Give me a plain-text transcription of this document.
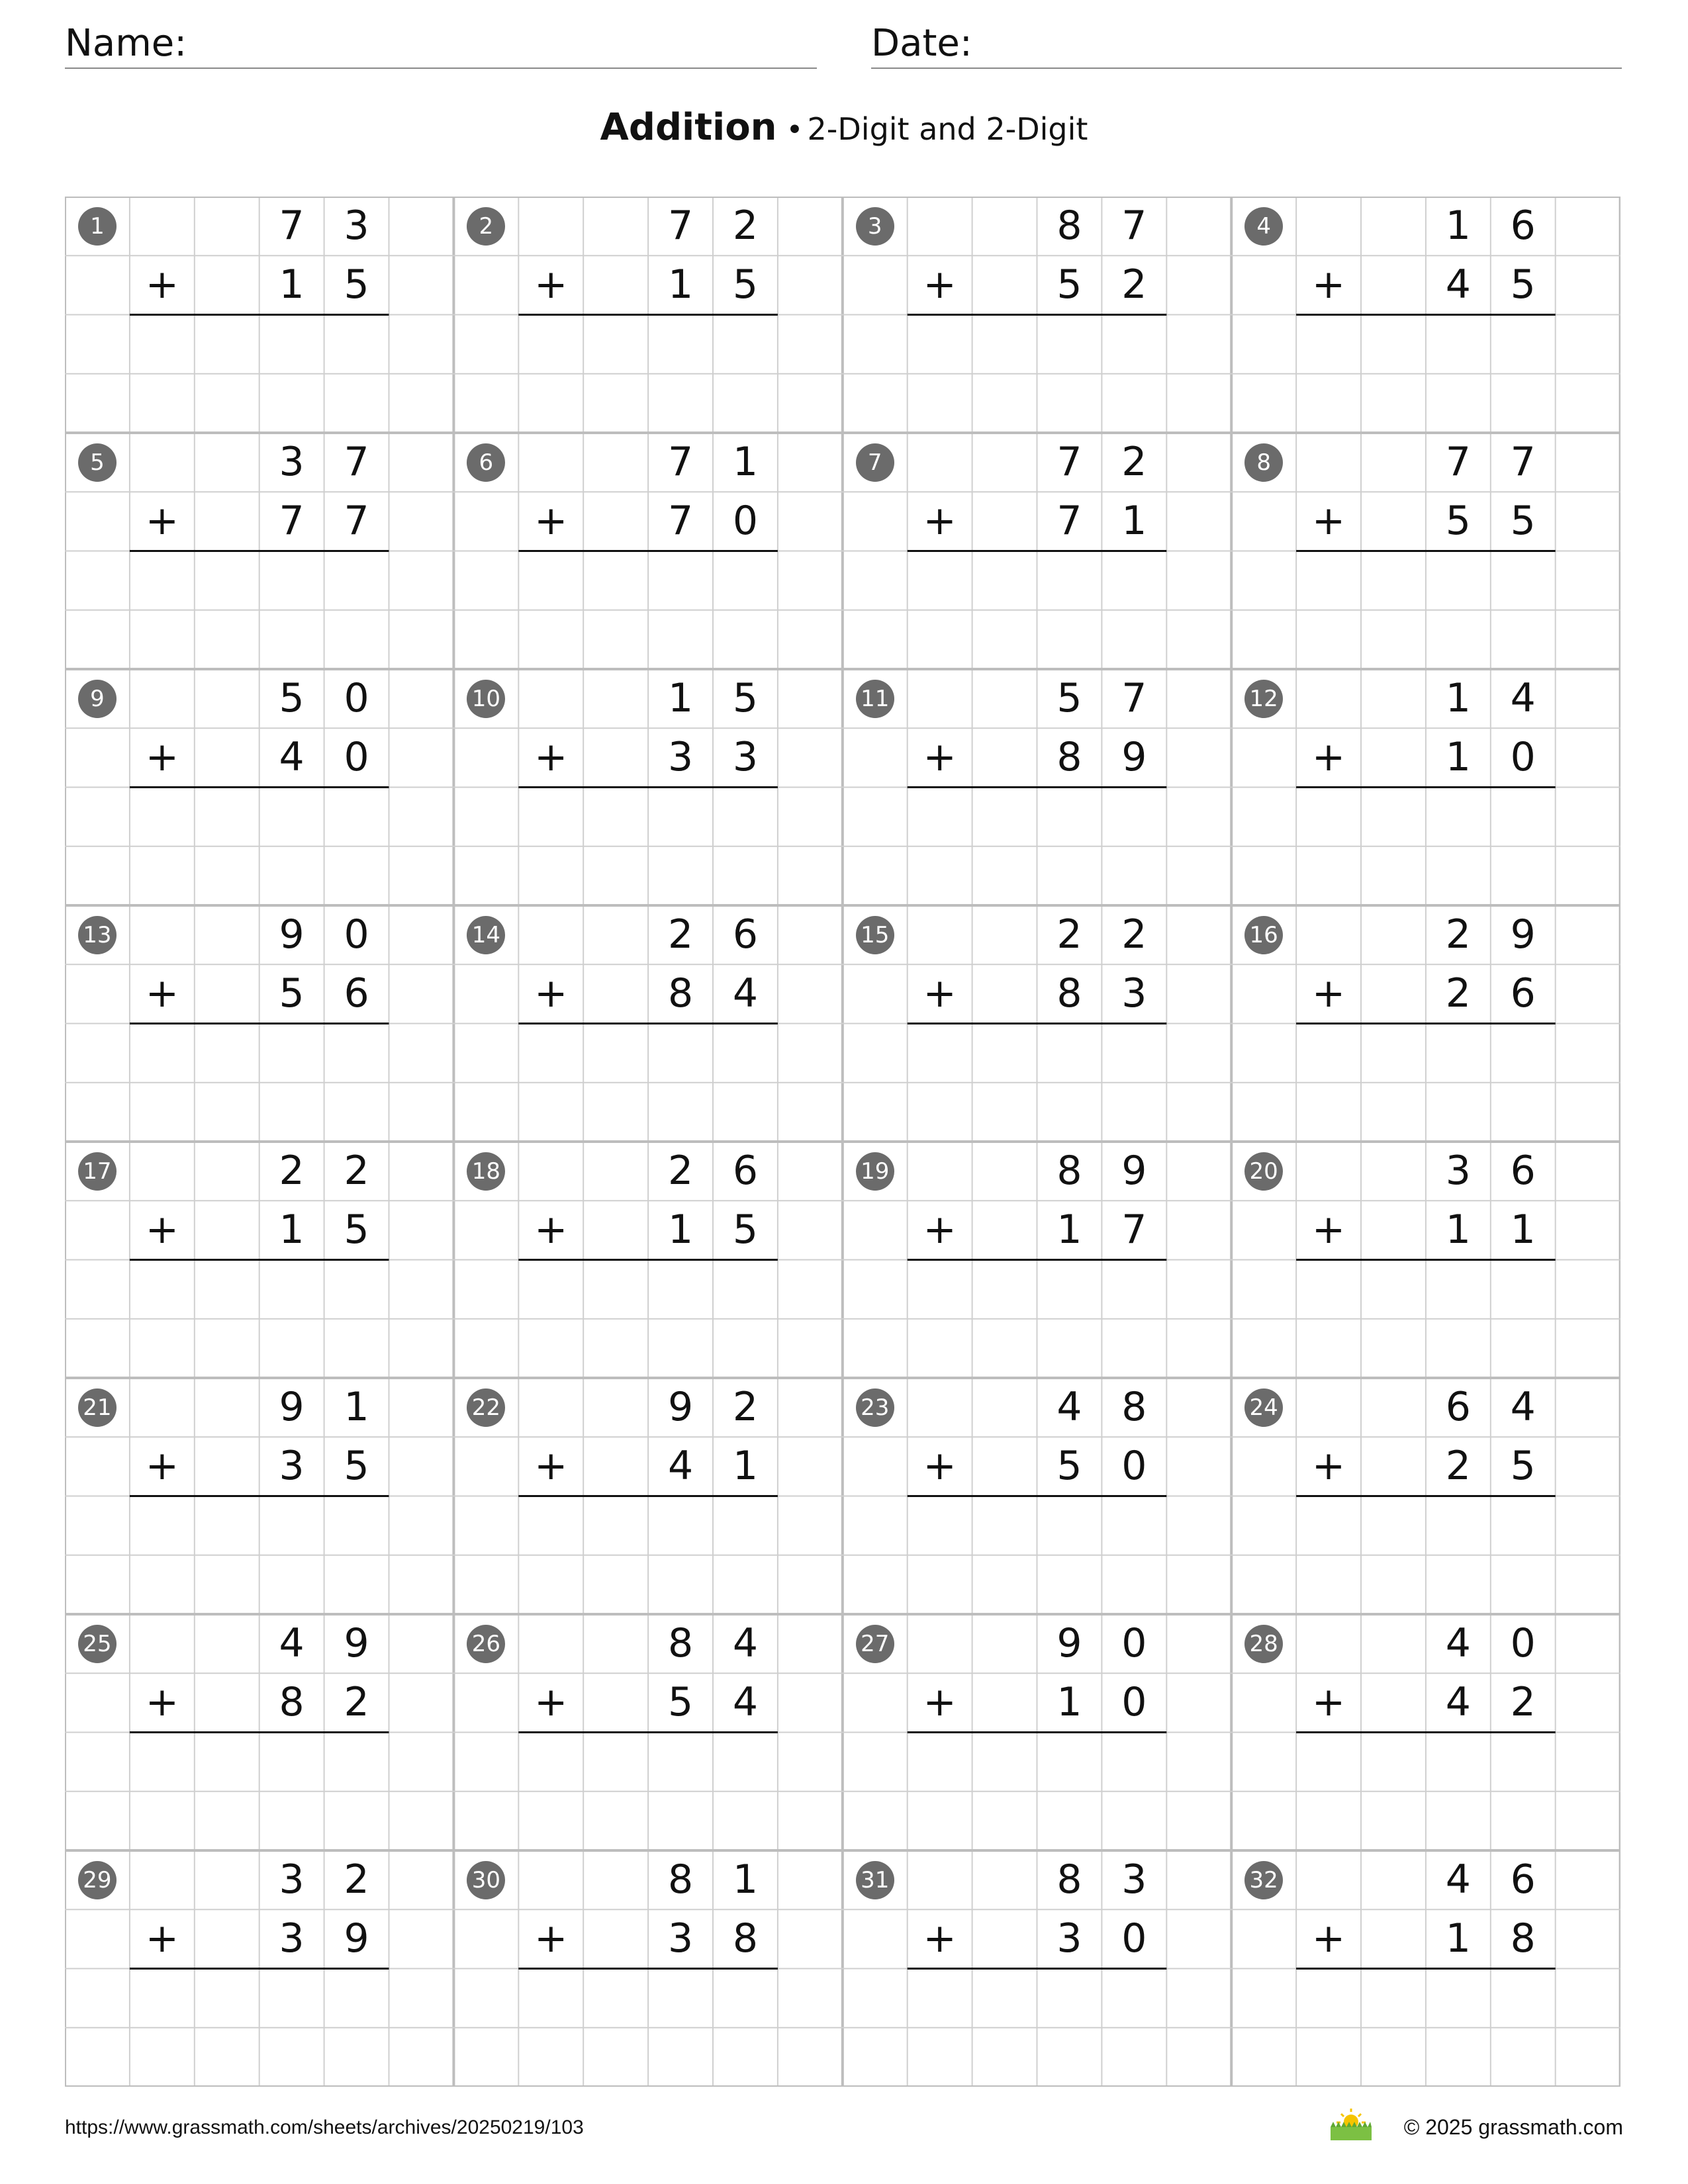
Name:	Date:
Addition • 2-Digit and 2-Digit
1	7 3
+	1 5
2	7 2
+	1 5
3	8 7
+	5 2
4	1 6
+	4 5
5	3 7
+	7 7
6	7 1
+	7 0
7	7 2
+	7 1
8	7 7
+	5 5
9	5 0
+	4 0
10	1 5
+	3 3
11	5 7
+	8 9
12	1 4
+	1 0
13	9 0
+	5 6
14	2 6
+	8 4
15	2 2
+	8 3
16	2 9
+	2 6
17	2 2
+	1 5
18	2 6
+	1 5
19	8 9
+	1 7
20	3 6
+	1 1
21	9 1
+	3 5
22	9 2
+	4 1
23	4 8
+	5 0
24	6 4
+	2 5
25	4 9
+	8 2
26	8 4
+	5 4
27	9 0
+	1 0
28	4 0
+	4 2
29	3 2
+	3 9
30	8 1
+	3 8
31	8 3
+	3 0
32	4 6
+	1 8
https://www.grassmath.com/sheets/archives/20250219/103	© 2025 grassmath.com
